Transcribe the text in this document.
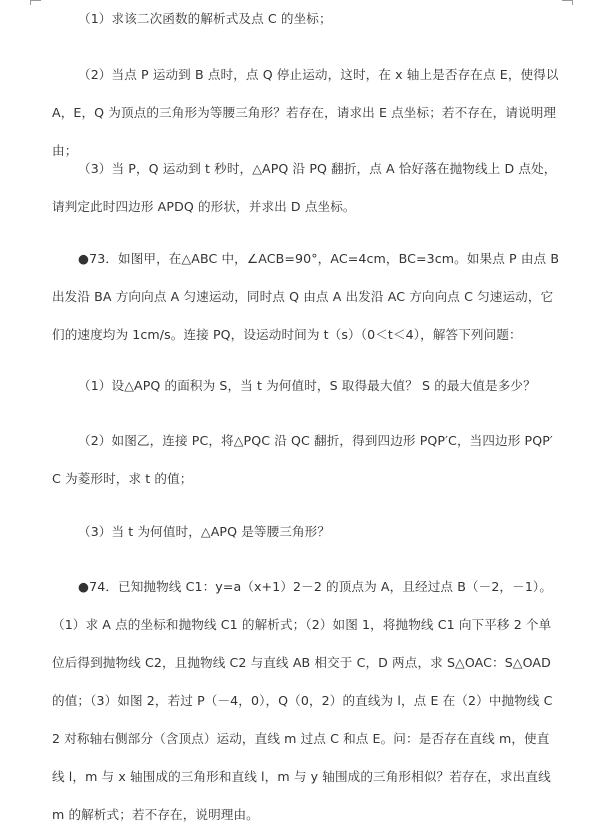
（1）求该二次函数的解析式及点 C 的坐标；

（2）当点 P 运动到 B 点时，点 Q 停止运动，这时，在 x 轴上是否存在点 E，使得以 A，E，Q 为顶点的三角形为等腰三角形？若存在，请求出 E 点坐标；若不存在，请说明理由；

（3）当 P，Q 运动到 t 秒时，△APQ 沿 PQ 翻折，点 A 恰好落在抛物线上 D 点处，请判定此时四边形 APDQ 的形状，并求出 D 点坐标。

●73．如图甲，在△ABC 中，∠ACB=90°，AC=4cm，BC=3cm。如果点 P 由点 B 出发沿 BA 方向向点 A 匀速运动，同时点 Q 由点 A 出发沿 AC 方向向点 C 匀速运动，它们的速度均为 1cm/s。连接 PQ，设运动时间为 t（s）（0＜t＜4），解答下列问题：

（1）设△APQ 的面积为 S，当 t 为何值时，S 取得最大值？ S 的最大值是多少？

（2）如图乙，连接 PC，将△PQC 沿 QC 翻折，得到四边形 PQP′C，当四边形 PQP′C 为菱形时，求 t 的值；

（3）当 t 为何值时，△APQ 是等腰三角形？

●74．已知抛物线 C1：y=a（x+1）2－2 的顶点为 A，且经过点 B（－2，－1）。（1）求 A 点的坐标和抛物线 C1 的解析式；（2）如图 1，将抛物线 C1 向下平移 2 个单位后得到抛物线 C2，且抛物线 C2 与直线 AB 相交于 C，D 两点，求 S△OAC：S△OAD 的值；（3）如图 2，若过 P（－4，0），Q（0，2）的直线为 l，点 E 在（2）中抛物线 C2 对称轴右侧部分（含顶点）运动，直线 m 过点 C 和点 E。问：是否存在直线 m，使直线 l，m 与 x 轴围成的三角形和直线 l，m 与 y 轴围成的三角形相似？若存在，求出直线 m 的解析式；若不存在，说明理由。
